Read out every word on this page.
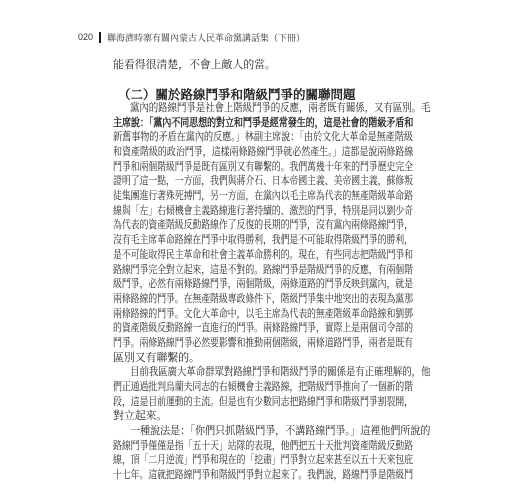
020 聯海濟時寨有關內蒙古人民革命黨講話集（下冊）
能看得很清楚，不會上敵人的當。
（二）關於路線鬥爭和階級鬥爭的關聯問題
黨內的路線鬥爭是社會上階級鬥爭的反應，兩者既有關係，又有區別。毛
主席說：「黨內不同思想的對立和鬥爭是經常發生的，這是社會的階級矛盾和
新舊事物的矛盾在黨內的反應。」林副主席說：「由於文化大革命是無產階級
和資產階級的政治鬥爭，這樣兩條路線鬥爭就必然產生。」這都是說兩條路線
鬥爭和兩個階級鬥爭是既有區別又有聯繫的。我們萬幾十年來的鬥爭歷史完全
證明了這一點，一方面，我們與蔣介石、日本帝國主義、美帝國主義，蘇修叛
徒集團進行著殊死搏鬥，另一方面，在黨內以毛主席為代表的無產階級革命路
線與「左」右傾機會主義路線進行著持續的、激烈的鬥爭，特別是同以劉少奇
為代表的資產階級反動路線作了反復的長期的鬥爭，沒有黨內兩條路線鬥爭，
沒有毛主席革命路線在鬥爭中取得勝利，我們是不可能取得階級鬥爭的勝利，
是不可能取得民主革命和社會主義革命勝利的。現在，有些同志把階級鬥爭和
路線鬥爭完全對立起來，這是不對的。路線鬥爭是階級鬥爭的反應，有兩個階
級鬥爭，必然有兩條路線鬥爭，兩個階級，兩條道路的鬥爭反映到黨內，就是
兩條路線的鬥爭。在無產階級專政條件下，階級鬥爭集中地突出的表現為黨那
兩條路線的鬥爭。文化大革命中，以毛主席為代表的無產階級革命路線和劉鄧
的資產階級反動路線一直進行的鬥爭。兩條路線鬥爭，實際上是兩個司令部的
鬥爭。兩條路線鬥爭必然要影響和推動兩個階級，兩條道路鬥爭，兩者是既有
區別又有聯繫的。
目前我區廣大革命群眾對路線鬥爭和階級鬥爭的關係是有正確理解的，他
們正通過批判烏蘭夫同志的右傾機會主義路線，把階級鬥爭推向了一個新的階
段，這是目前運動的主流。但是也有少數同志把路線鬥爭和階級鬥爭割裂開，
對立起來。
一種說法是：「你們只抓階級鬥爭，不講路線鬥爭。」這裡他們所說的
路線鬥爭僅僅是指「五十天」站隊的表現，他們把五十天批判資產階級反動路
線，頂「二月逆流」鬥爭和現在的「挖肅」鬥爭對立起來甚至以五十天來包庇
十七年。這就把路線鬥爭和階級鬥爭對立起來了。我們說，路線鬥爭是階級鬥
